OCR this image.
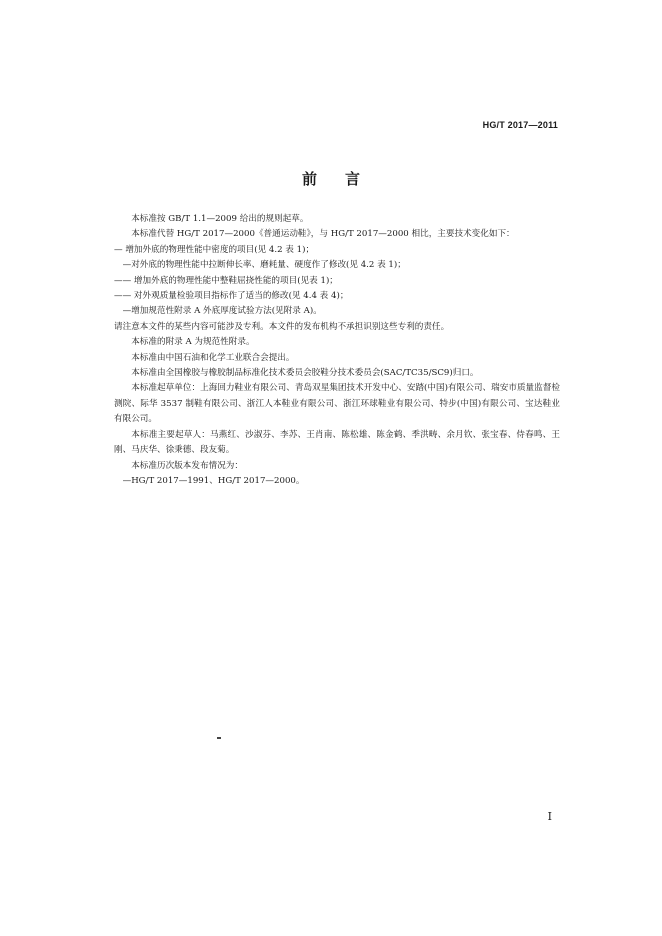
HG/T 2017—2011
前言

本标准按 GB/T 1.1—2009 给出的规则起草。

本标准代替 HG/T 2017—2000《普通运动鞋》，与 HG/T 2017—2000 相比，主要技术变化如下：

— 增加外底的物理性能中密度的项目(见 4.2 表 1)；

—对外底的物理性能中拉断伸长率、磨耗量、硬度作了修改(见 4.2 表 1)；

—— 增加外底的物理性能中整鞋屈挠性能的项目(见表 1)；

—— 对外观质量检验项目指标作了适当的修改(见 4.4 表 4)；

—增加规范性附录 A 外底厚度试验方法(见附录 A)。

请注意本文件的某些内容可能涉及专利。本文件的发布机构不承担识别这些专利的责任。

本标准的附录 A 为规范性附录。

本标准由中国石油和化学工业联合会提出。

本标准由全国橡胶与橡胶制品标准化技术委员会胶鞋分技术委员会(SAC/TC35/SC9)归口。

本标准起草单位：上海回力鞋业有限公司、青岛双星集团技术开发中心、安踏(中国)有限公司、瑞安市质量监督检测院、际华 3537 制鞋有限公司、浙江人本鞋业有限公司、浙江环球鞋业有限公司、特步(中国)有限公司、宝达鞋业有限公司。

本标准主要起草人：马燕红、沙淑芬、李苏、王肖南、陈松雄、陈金鹤、季洪畴、余月钦、张宝春、侍春鸣、王刚、马庆华、徐秉德、段友菊。

本标准历次版本发布情况为：

—HG/T 2017—1991、HG/T 2017—2000。

I
